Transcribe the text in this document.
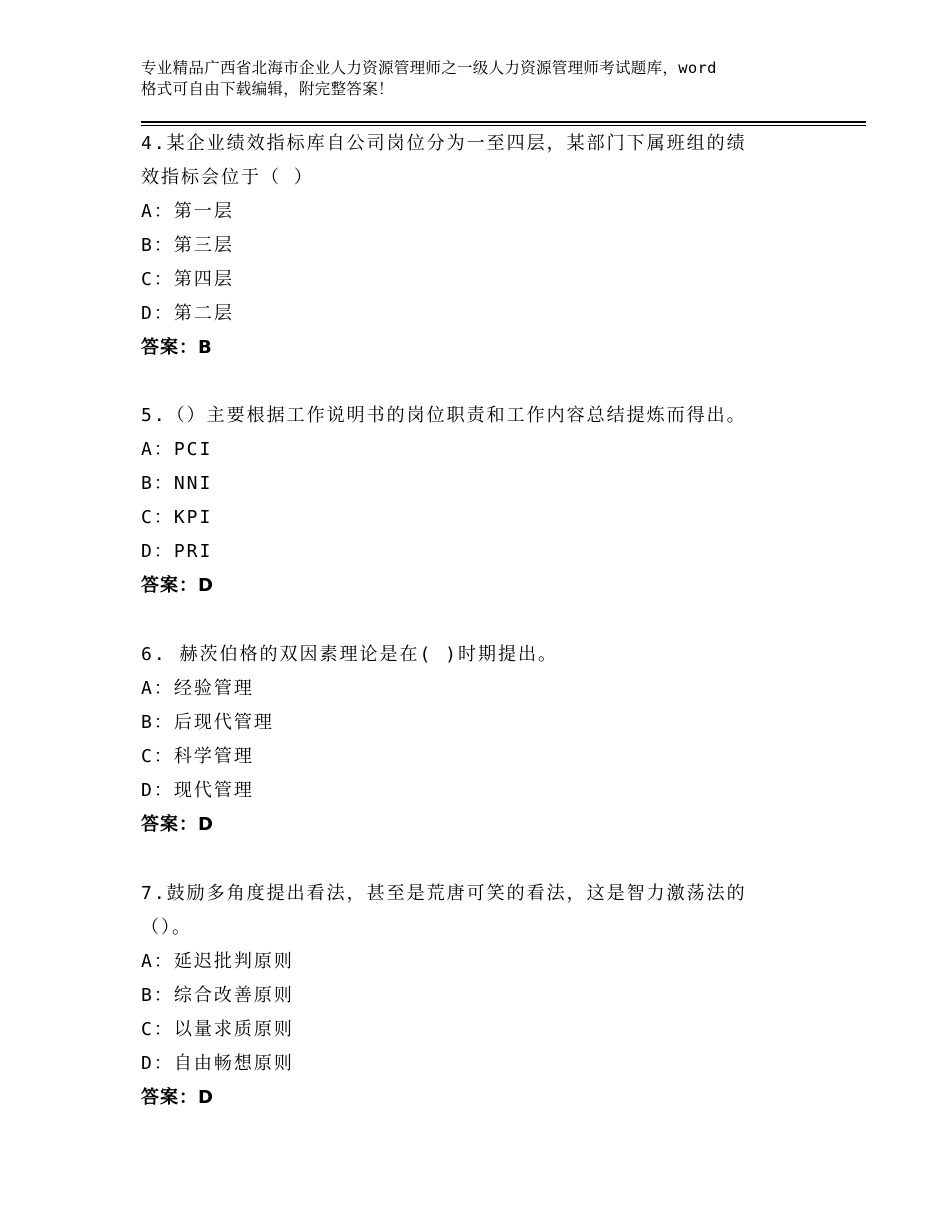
专业精品广西省北海市企业人力资源管理师之一级人力资源管理师考试题库，word
格式可自由下载编辑，附完整答案！
4.某企业绩效指标库自公司岗位分为一至四层，某部门下属班组的绩
效指标会位于（ ）
A：第一层
B：第三层
C：第四层
D：第二层
答案：B
5.（）主要根据工作说明书的岗位职责和工作内容总结提炼而得出。
A：PCI
B：NNI
C：KPI
D：PRI
答案：D
6. 赫茨伯格的双因素理论是在( )时期提出。
A：经验管理
B：后现代管理
C：科学管理
D：现代管理
答案：D
7.鼓励多角度提出看法，甚至是荒唐可笑的看法，这是智力激荡法的
（）。
A：延迟批判原则
B：综合改善原则
C：以量求质原则
D：自由畅想原则
答案：D
